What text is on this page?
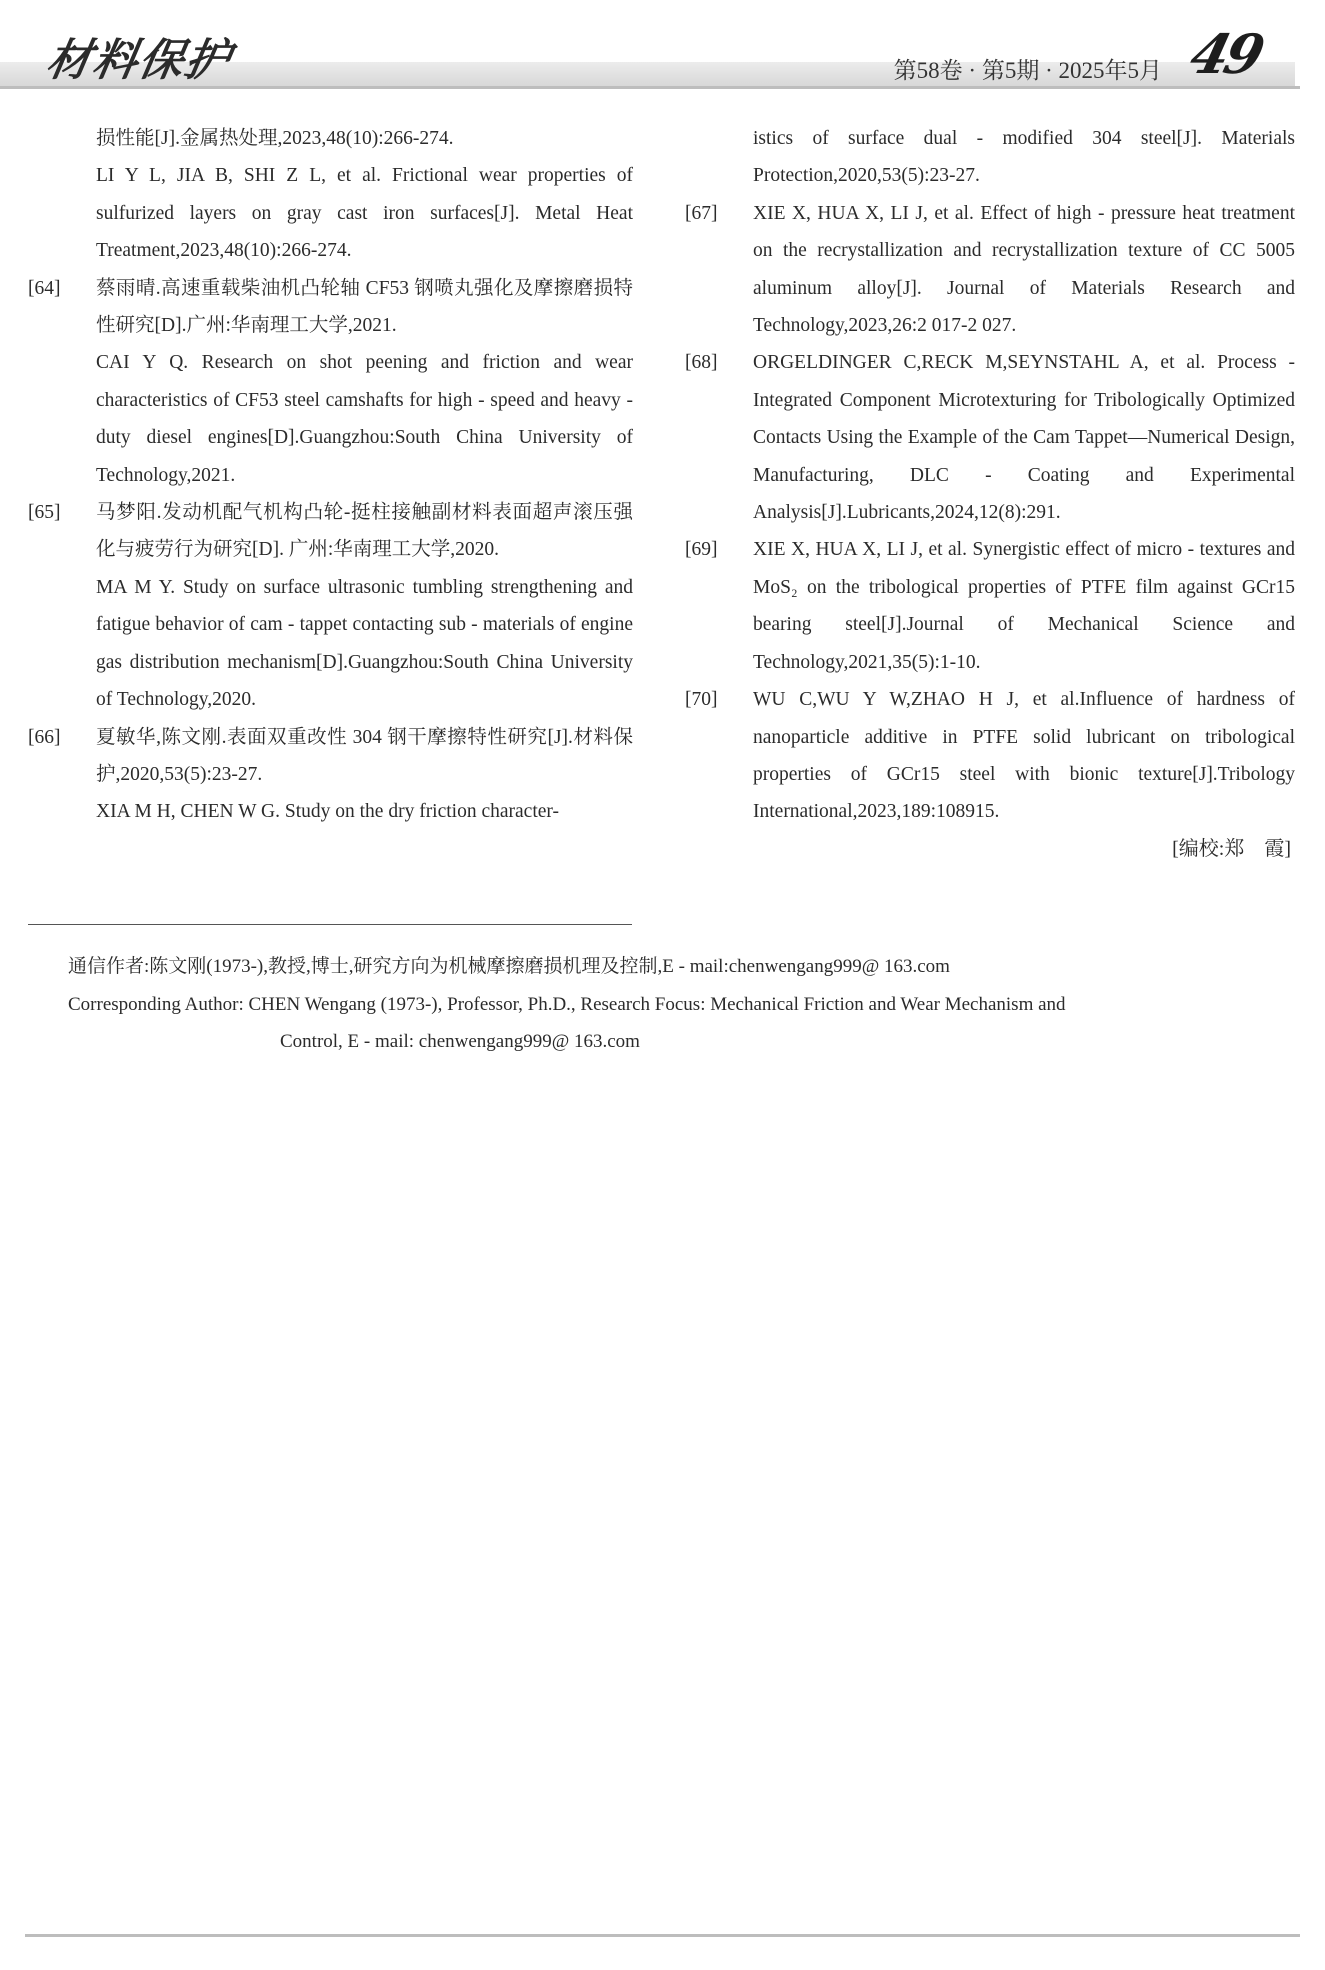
材料保护	第58卷 · 第5期 · 2025年5月 49

损性能[J].金属热处理,2023,48(10):266-274.

LI Y L, JIA B, SHI Z L, et al. Frictional wear properties of sulfurized layers on gray cast iron surfaces[J]. Metal Heat Treatment,2023,48(10):266-274.

[64]	蔡雨晴.高速重载柴油机凸轮轴 CF53 钢喷丸强化及摩擦磨损特性研究[D].广州:华南理工大学,2021.

CAI Y Q. Research on shot peening and friction and wear characteristics of CF53 steel camshafts for high - speed and heavy - duty diesel engines[D].Guangzhou:South China University of Technology,2021.

[65]	马梦阳.发动机配气机构凸轮-挺柱接触副材料表面超声滚压强化与疲劳行为研究[D]. 广州:华南理工大学,2020.

MA M Y. Study on surface ultrasonic tumbling strengthening and fatigue behavior of cam - tappet contacting sub - materials of engine gas distribution mechanism[D].Guangzhou:South China University of Technology,2020.

[66]	夏敏华,陈文刚.表面双重改性 304 钢干摩擦特性研究[J].材料保护,2020,53(5):23-27.

XIA M H, CHEN W G. Study on the dry friction character-

istics of surface dual - modified 304 steel[J]. Materials Protection,2020,53(5):23-27.

[67]	XIE X, HUA X, LI J, et al. Effect of high - pressure heat treatment on the recrystallization and recrystallization texture of CC 5005 aluminum alloy[J]. Journal of Materials Research and Technology,2023,26:2 017-2 027.

[68]	ORGELDINGER C,RECK M,SEYNSTAHL A, et al. Process - Integrated Component Microtexturing for Tribologically Optimized Contacts Using the Example of the Cam Tappet—Numerical Design, Manufacturing, DLC - Coating and Experimental Analysis[J].Lubricants,2024,12(8):291.

[69]	XIE X, HUA X, LI J, et al. Synergistic effect of micro - textures and MoS₂ on the tribological properties of PTFE film against GCr15 bearing steel[J].Journal of Mechanical Science and Technology,2021,35(5):1-10.

[70]	WU C,WU Y W,ZHAO H J, et al.Influence of hardness of nanoparticle additive in PTFE solid lubricant on tribological properties of GCr15 steel with bionic texture[J].Tribology International,2023,189:108915.

[编校:郑　霞]

通信作者:陈文刚(1973-),教授,博士,研究方向为机械摩擦磨损机理及控制,E - mail:chenwengang999@ 163.com

Corresponding Author: CHEN Wengang (1973-), Professor, Ph.D., Research Focus: Mechanical Friction and Wear Mechanism and

Control, E - mail: chenwengang999@ 163.com
